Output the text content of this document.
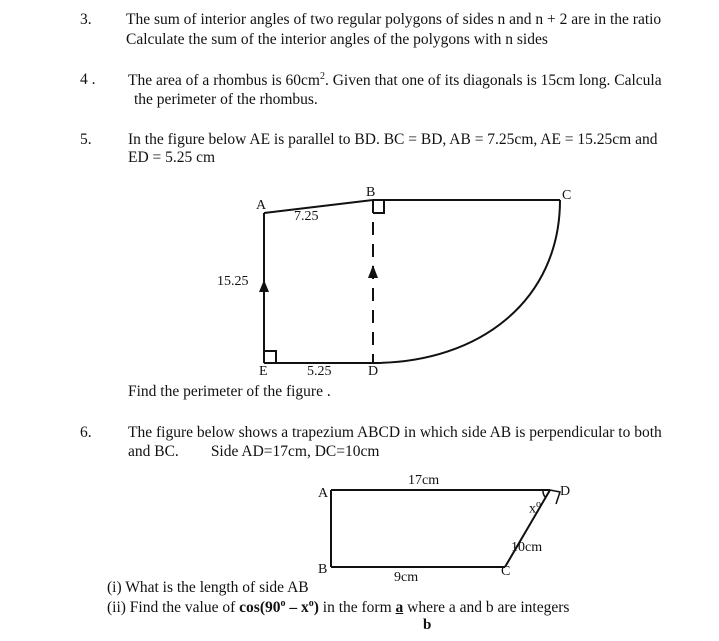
3. The sum of interior angles of two regular polygons of sides n and n + 2 are in the ratio
Calculate the sum of the interior angles of the polygons with n sides
4 . The area of a rhombus is $60cm^2$. Given that one of its diagonals is 15cm long. Calcula
the perimeter of the rhombus.
5. In the figure below AE is parallel to BD. BC = BD, AB = 7.25cm, AE = 15.25cm and
ED = 5.25 cm
B	C
7.25
A
15.25
E	5.25	D
Find the perimeter of the figure .
6. The figure below shows a trapezium ABCD in which side AB is perpendicular to both
and BC. Side AD=17cm, DC=10cm
17cm
A	D
$x^o$
10cm
B	C
9cm
(i) What is the length of side AB
(ii) Find the value of $\cos(90^o - x^o)$ in the form a where a and b are integers
b
